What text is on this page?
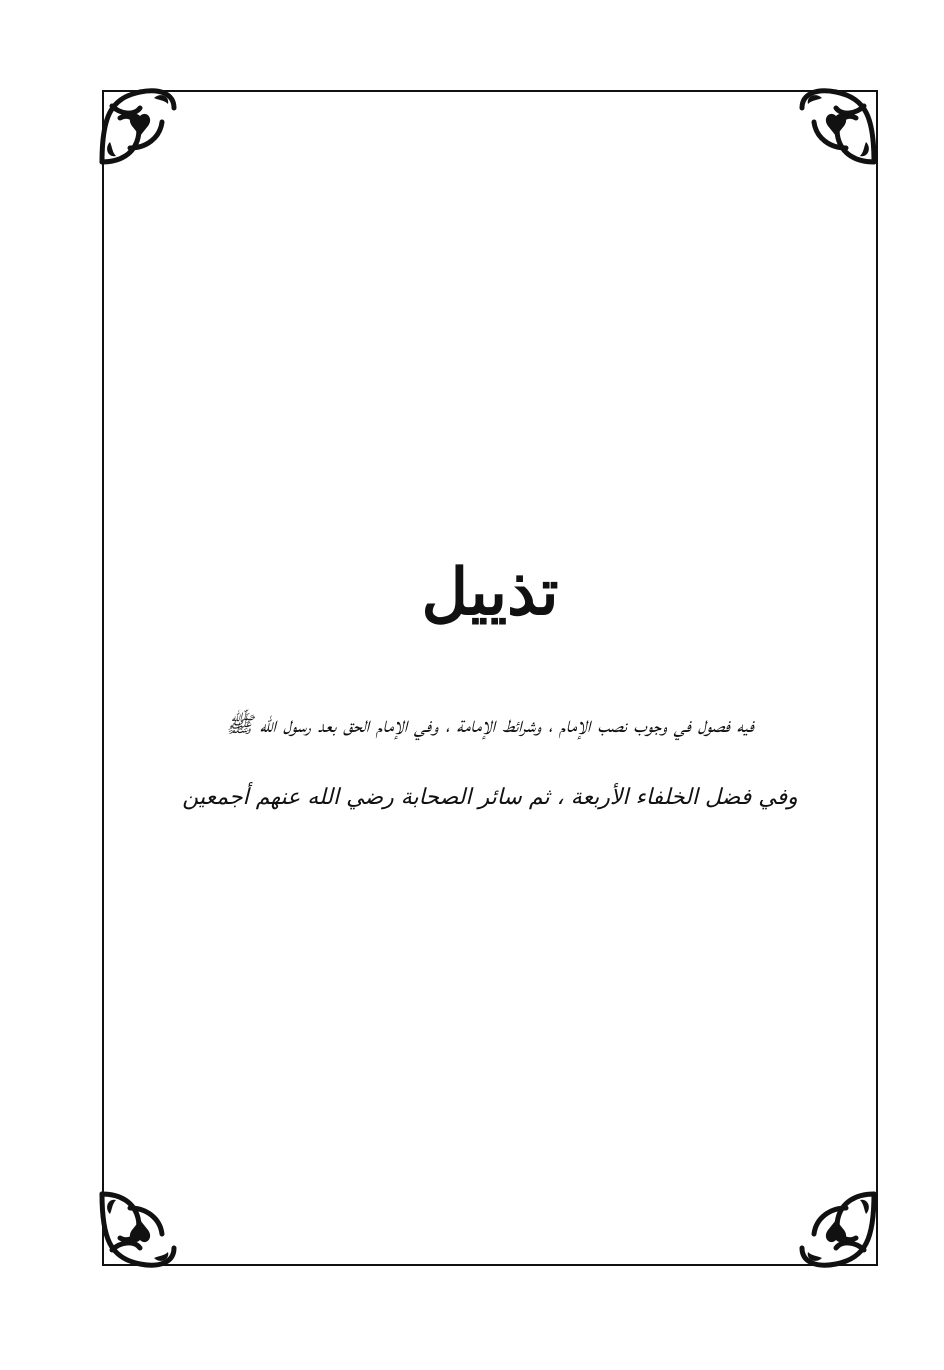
تذييل
فيه فصول في وجوب نصب الإمام ، وشرائط الإمامة ، وفي الإمام الحق بعد رسول الله ﷺ
وفي فضل الخلفاء الأربعة ، ثم سائر الصحابة رضي الله عنهم أجمعين
